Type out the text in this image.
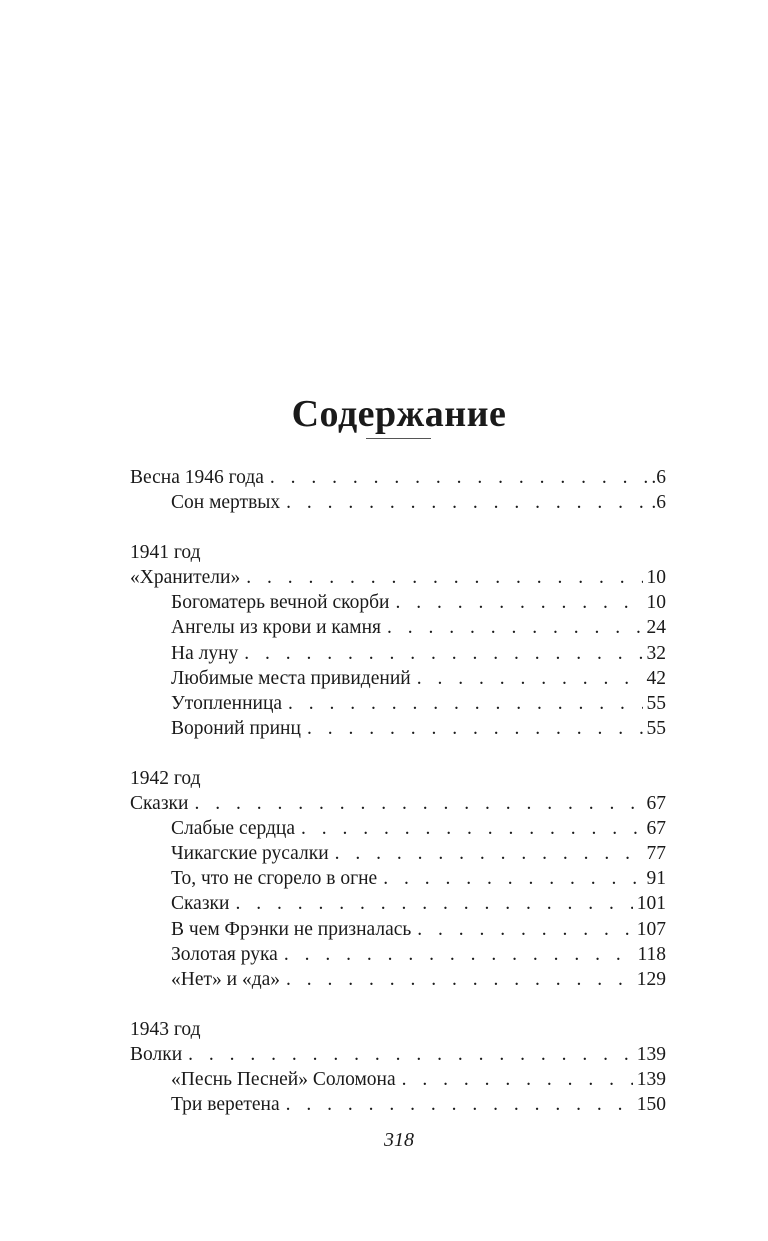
Содержание
Весна 1946 года . . .	.6
Сон мертвых . . .	.6
1941 год
«Хранители» . . .	10
Богоматерь вечной скорби . . .	10
Ангелы из крови и камня . . .	24
На луну . . .	32
Любимые места привидений . . .	42
Утопленница . . .	55
Вороний принц . . .	55
1942 год
Сказки . . .	67
Слабые сердца . . .	67
Чикагские русалки . . .	77
То, что не сгорело в огне . . .	91
Сказки . . .	101
В чем Фрэнки не призналась . . .	107
Золотая рука . . .	118
«Нет» и «да» . . .	129
1943 год
Волки . . .	139
«Песнь Песней» Соломона . . .	139
Три веретена . . .	150
318
